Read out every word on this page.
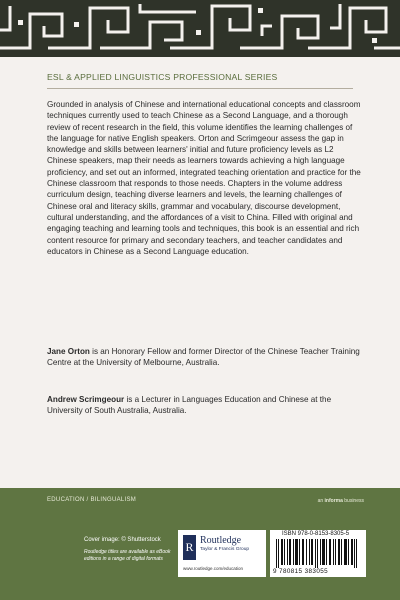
ESL & APPLIED LINGUISTICS PROFESSIONAL SERIES

Grounded in analysis of Chinese and international educational concepts and classroom techniques currently used to teach Chinese as a Second Language, and a thorough review of recent research in the field, this volume identifies the learning challenges of the language for native English speakers. Orton and Scrimgeour assess the gap in knowledge and skills between learners' initial and future proficiency levels as L2 Chinese speakers, map their needs as learners towards achieving a high language proficiency, and set out an informed, integrated teaching orientation and practice for the Chinese classroom that responds to those needs. Chapters in the volume address curriculum design, teaching diverse learners and levels, the learning challenges of Chinese oral and literacy skills, grammar and vocabulary, discourse development, cultural understanding, and the affordances of a visit to China. Filled with original and engaging teaching and learning tools and techniques, this book is an essential and rich content resource for primary and secondary teachers, and teacher candidates and educators in Chinese as a Second Language education.

Jane Orton is an Honorary Fellow and former Director of the Chinese Teacher Training Centre at the University of Melbourne, Australia.

Andrew Scrimgeour is a Lecturer in Languages Education and Chinese at the University of South Australia, Australia.

EDUCATION / BILINGUALISM	an informa business
Cover image: © Shutterstock
Routledge titles are available as eBook editions in a range of digital formats
R Routledge
Taylor & Francis Group
www.routledge.com/education
ISBN 978-0-8153-8305-5
9 780815 383055
